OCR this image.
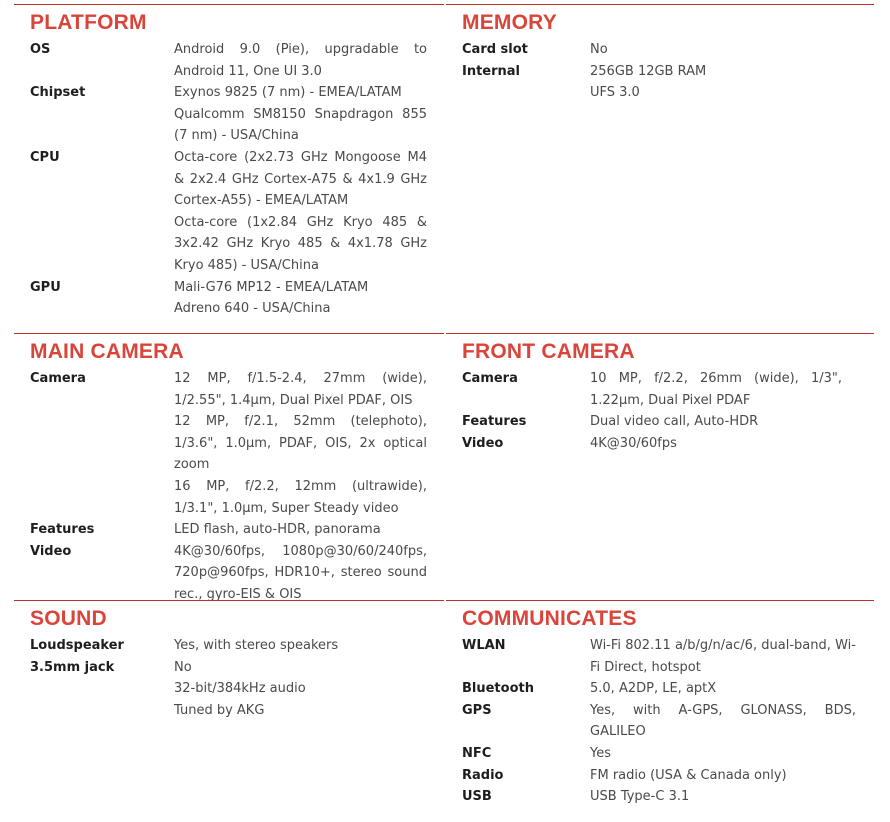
PLATFORM
OS	Android 9.0 (Pie), upgradable to Android 11, One UI 3.0
Chipset	Exynos 9825 (7 nm) - EMEA/LATAM
Qualcomm SM8150 Snapdragon 855 (7 nm) - USA/China
CPU	Octa-core (2x2.73 GHz Mongoose M4 & 2x2.4 GHz Cortex-A75 & 4x1.9 GHz Cortex-A55) - EMEA/LATAM
Octa-core (1x2.84 GHz Kryo 485 & 3x2.42 GHz Kryo 485 & 4x1.78 GHz Kryo 485) - USA/China
GPU	Mali-G76 MP12 - EMEA/LATAM
Adreno 640 - USA/China
MEMORY
Card slot	No
Internal	256GB 12GB RAM
UFS 3.0
MAIN CAMERA
Camera	12 MP, f/1.5-2.4, 27mm (wide), 1/2.55", 1.4µm, Dual Pixel PDAF, OIS
12 MP, f/2.1, 52mm (telephoto), 1/3.6", 1.0µm, PDAF, OIS, 2x optical zoom
16 MP, f/2.2, 12mm (ultrawide), 1/3.1", 1.0µm, Super Steady video
Features	LED flash, auto-HDR, panorama
Video	4K@30/60fps, 1080p@30/60/240fps, 720p@960fps, HDR10+, stereo sound rec., gyro-EIS & OIS
FRONT CAMERA
Camera	10 MP, f/2.2, 26mm (wide), 1/3", 1.22µm, Dual Pixel PDAF
Features	Dual video call, Auto-HDR
Video	4K@30/60fps
SOUND
Loudspeaker	Yes, with stereo speakers
3.5mm jack	No
32-bit/384kHz audio
Tuned by AKG
COMMUNICATES
WLAN	Wi-Fi 802.11 a/b/g/n/ac/6, dual-band, Wi-Fi Direct, hotspot
Bluetooth	5.0, A2DP, LE, aptX
GPS	Yes, with A-GPS, GLONASS, BDS, GALILEO
NFC	Yes
Radio	FM radio (USA & Canada only)
USB	USB Type-C 3.1
